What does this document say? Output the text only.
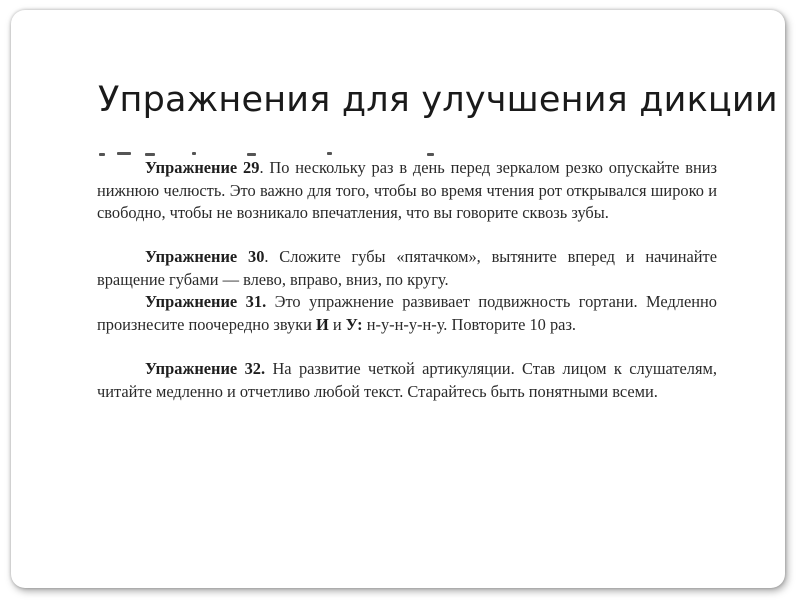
Упражнения для улучшения дикции

Упражнение 29. По нескольку раз в день перед зеркалом резко опускайте вниз нижнюю челюсть. Это важно для того, чтобы во время чтения рот открывался широко и свободно, чтобы не возникало впечатления, что вы говорите сквозь зубы.

Упражнение 30. Сложите губы «пятачком», вытяните вперед и начинайте вращение губами — влево, вправо, вниз, по кругу.

Упражнение 31. Это упражнение развивает подвижность гортани. Медленно произнесите поочередно звуки И и У: н-у-н-у-н-у. Повторите 10 раз.

Упражнение 32. На развитие четкой артикуляции. Став лицом к слушателям, читайте медленно и отчетливо любой текст. Старайтесь быть понятными всеми.
